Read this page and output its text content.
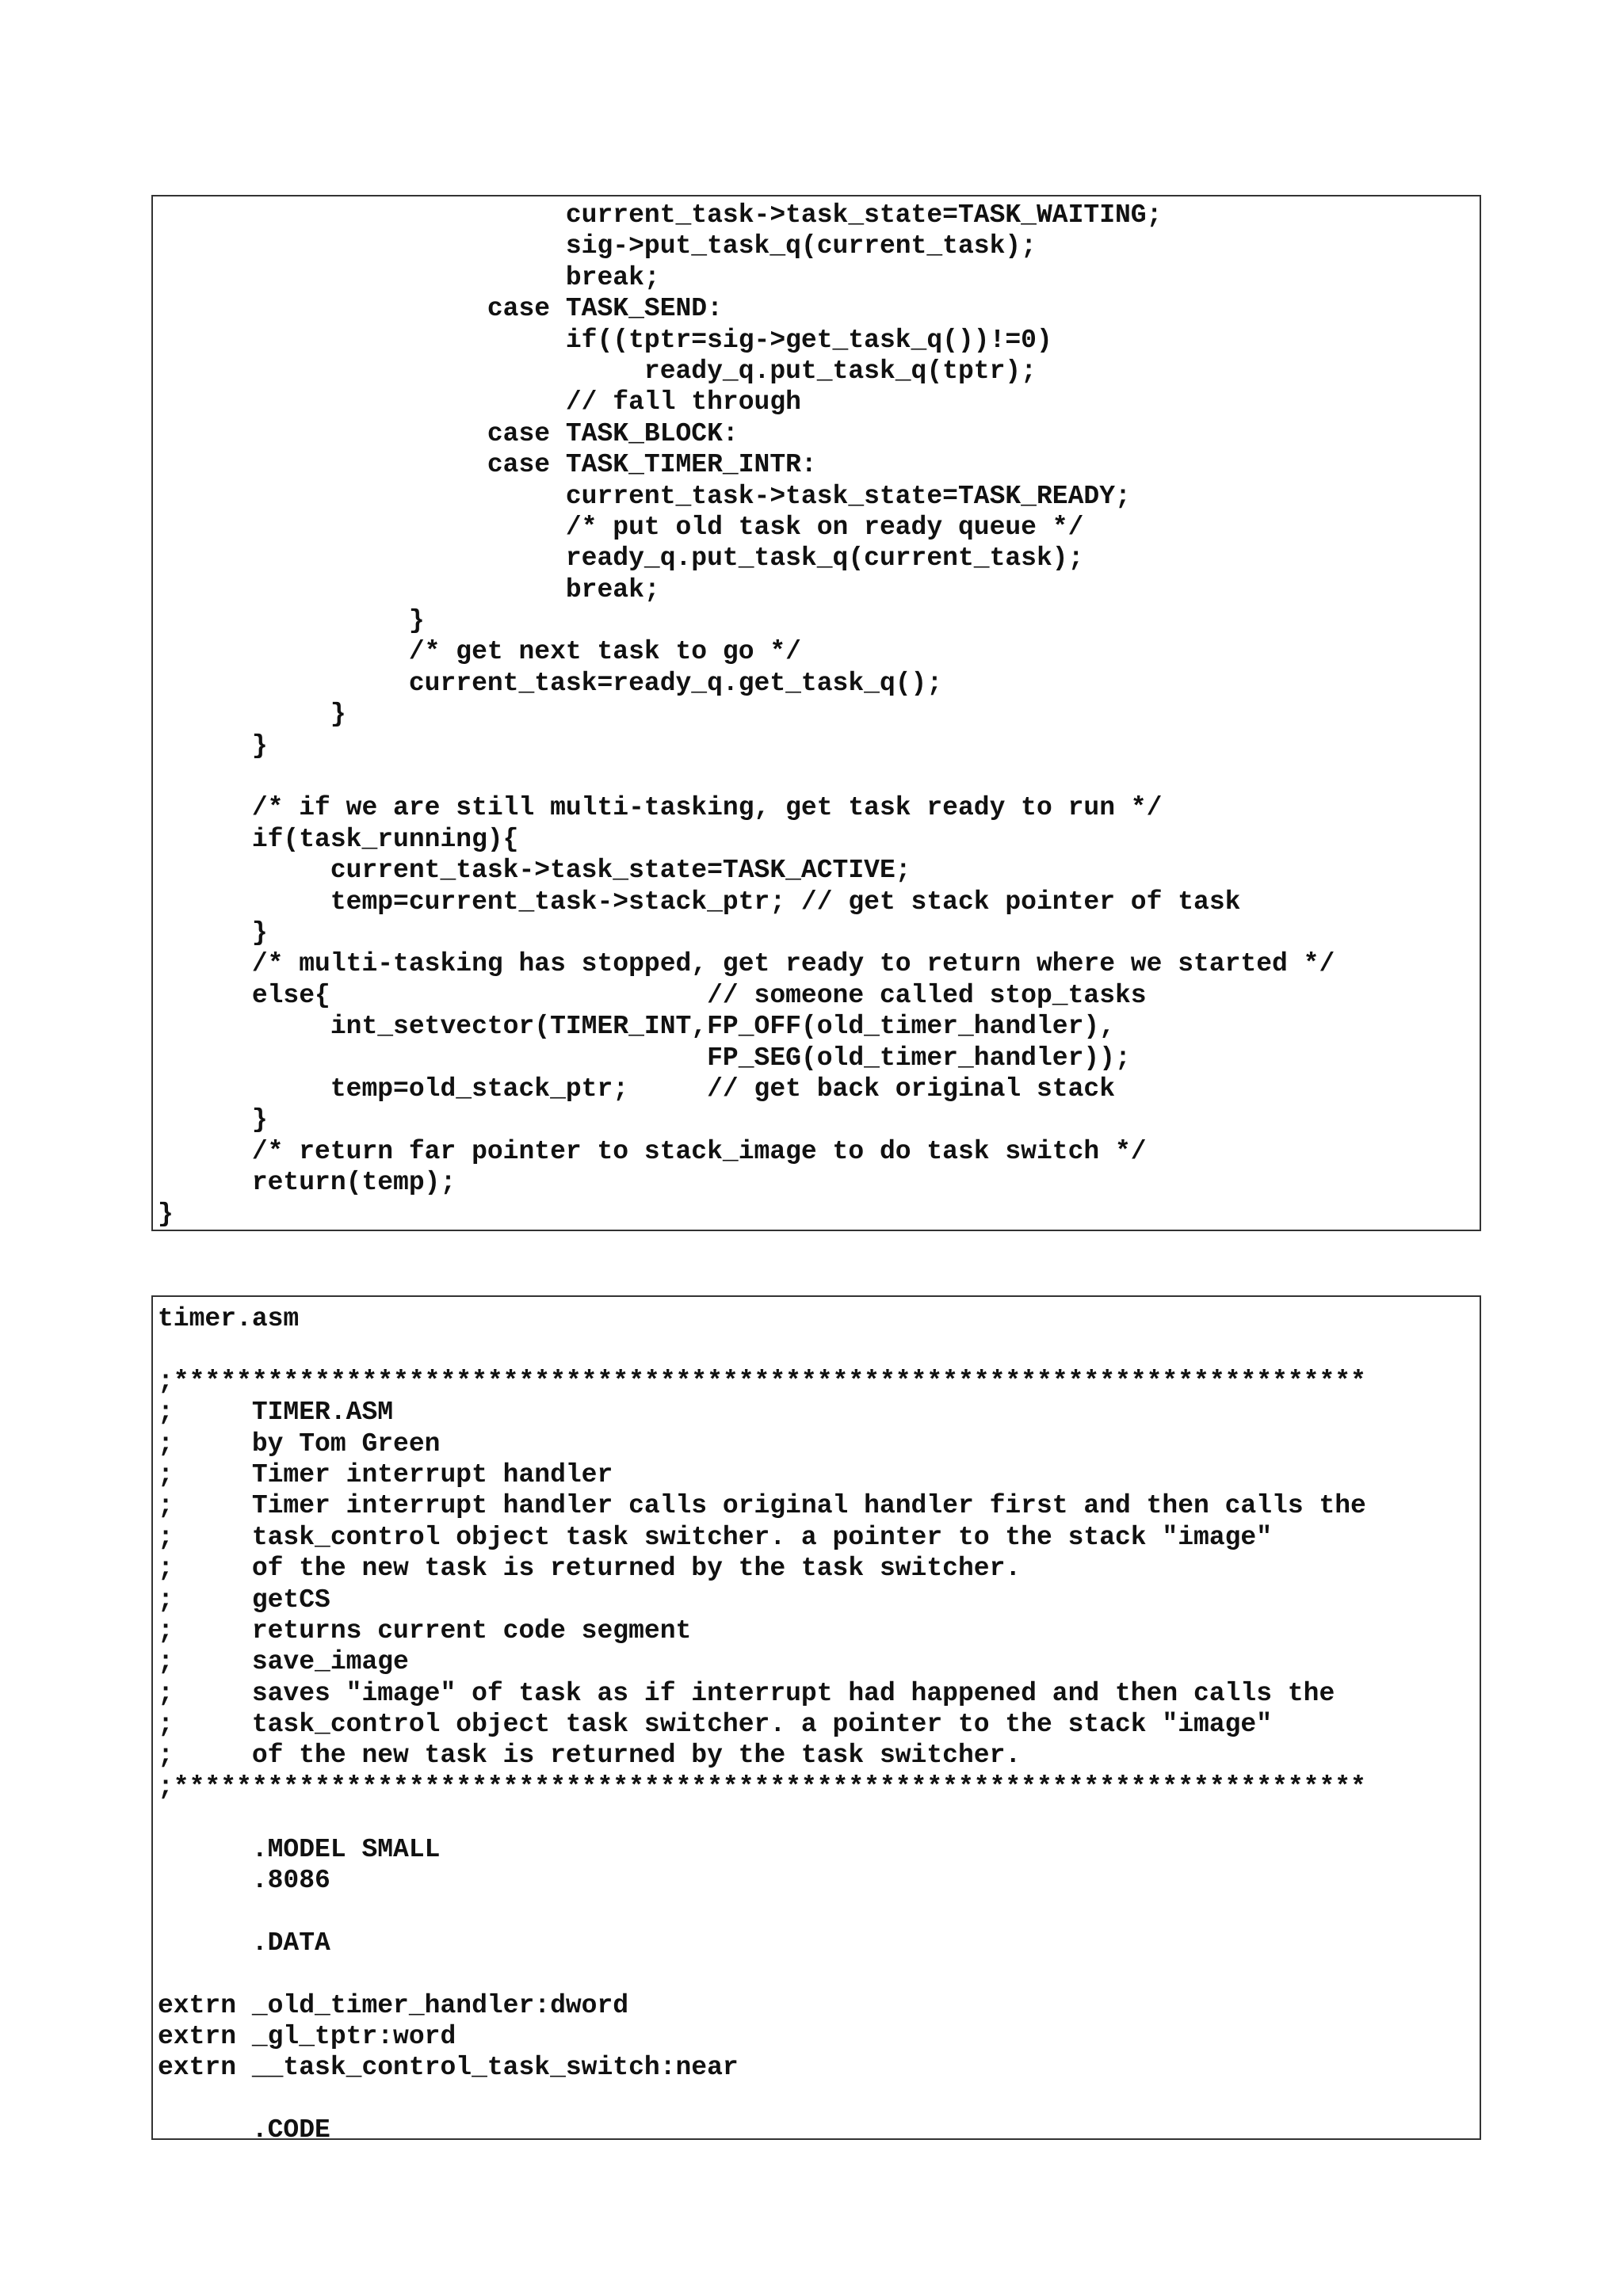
current_task->task_state=TASK_WAITING;
sig->put_task_q(current_task);
break;
case TASK_SEND:
if((tptr=sig->get_task_q())!=0)
ready_q.put_task_q(tptr);
// fall through
case TASK_BLOCK:
case TASK_TIMER_INTR:
current_task->task_state=TASK_READY;
/* put old task on ready queue */
ready_q.put_task_q(current_task);
break;
}
/* get next task to go */
current_task=ready_q.get_task_q();
}
}
/* if we are still multi-tasking, get task ready to run */
if(task_running){
current_task->task_state=TASK_ACTIVE;
temp=current_task->stack_ptr; // get stack pointer of task
}
/* multi-tasking has stopped, get ready to return where we started */
else{                        // someone called stop_tasks
int_setvector(TIMER_INT,FP_OFF(old_timer_handler),
FP_SEG(old_timer_handler));
temp=old_stack_ptr;     // get back original stack
}
/* return far pointer to stack_image to do task switch */
return(temp);
}
timer.asm
;****************************************************************************
;     TIMER.ASM
;     by Tom Green
;     Timer interrupt handler
;     Timer interrupt handler calls original handler first and then calls the
;     task_control object task switcher. a pointer to the stack "image"
;     of the new task is returned by the task switcher.
;     getCS
;     returns current code segment
;     save_image
;     saves "image" of task as if interrupt had happened and then calls the
;     task_control object task switcher. a pointer to the stack "image"
;     of the new task is returned by the task switcher.
;****************************************************************************
.MODEL SMALL
.8086
.DATA
extrn _old_timer_handler:dword
extrn _gl_tptr:word
extrn __task_control_task_switch:near
.CODE
